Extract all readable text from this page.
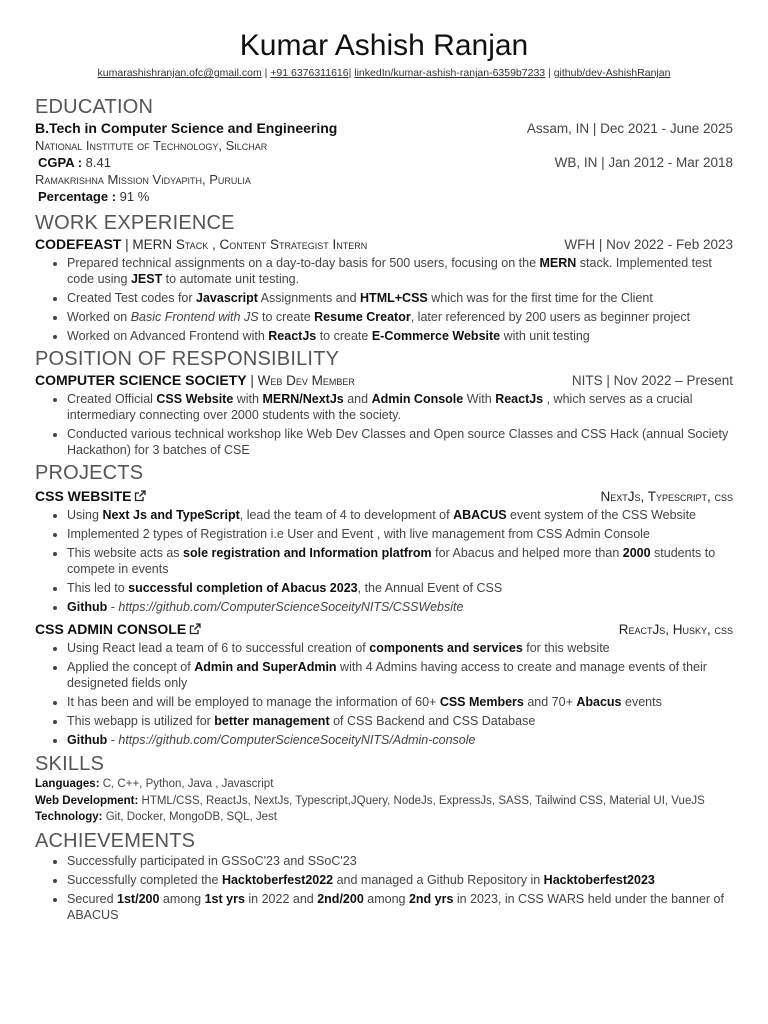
Kumar Ashish Ranjan
kumarashishranjan.ofc@gmail.com | +91 6376311616| linkedIn/kumar-ashish-ranjan-6359b7233 | github/dev-AshishRanjan
EDUCATION
B.Tech in Computer Science and Engineering	Assam, IN | Dec 2021 - June 2025
National Institute of Technology, Silchar
CGPA : 8.41	WB, IN | Jan 2012 - Mar 2018
Ramakrishna Mission Vidyapith, Purulia
Percentage : 91 %
WORK EXPERIENCE
CODEFEAST | MERN Stack , Content Strategist Intern	WFH | Nov 2022 - Feb 2023
• Prepared technical assignments on a day-to-day basis for 500 users, focusing on the MERN stack. Implemented test code using JEST to automate unit testing.
• Created Test codes for Javascript Assignments and HTML+CSS which was for the first time for the Client
• Worked on Basic Frontend with JS to create Resume Creator, later referenced by 200 users as beginner project
• Worked on Advanced Frontend with ReactJs to create E-Commerce Website with unit testing
POSITION OF RESPONSIBILITY
COMPUTER SCIENCE SOCIETY | Web Dev Member	NITS | Nov 2022 – Present
• Created Official CSS Website with MERN/NextJs and Admin Console With ReactJs , which serves as a crucial intermediary connecting over 2000 students with the society.
• Conducted various technical workshop like Web Dev Classes and Open source Classes and CSS Hack (annual Society Hackathon) for 3 batches of CSE
PROJECTS
CSS WEBSITE	NextJs, Typescript, css
• Using Next Js and TypeScript, lead the team of 4 to development of ABACUS event system of the CSS Website
• Implemented 2 types of Registration i.e User and Event , with live management from CSS Admin Console
• This website acts as sole registration and Information platfrom for Abacus and helped more than 2000 students to compete in events
• This led to successful completion of Abacus 2023, the Annual Event of CSS
• Github - https://github.com/ComputerScienceSoceityNITS/CSSWebsite
CSS ADMIN CONSOLE	ReactJs, Husky, css
• Using React lead a team of 6 to successful creation of components and services for this website
• Applied the concept of Admin and SuperAdmin with 4 Admins having access to create and manage events of their designeted fields only
• It has been and will be employed to manage the information of 60+ CSS Members and 70+ Abacus events
• This webapp is utilized for better management of CSS Backend and CSS Database
• Github - https://github.com/ComputerScienceSoceityNITS/Admin-console
SKILLS
Languages: C, C++, Python, Java , Javascript
Web Development: HTML/CSS, ReactJs, NextJs, Typescript,JQuery, NodeJs, ExpressJs, SASS, Tailwind CSS, Material UI, VueJS
Technology: Git, Docker, MongoDB, SQL, Jest
ACHIEVEMENTS
• Successfully participated in GSSoC'23 and SSoC'23
• Successfully completed the Hacktoberfest2022 and managed a Github Repository in Hacktoberfest2023
• Secured 1st/200 among 1st yrs in 2022 and 2nd/200 among 2nd yrs in 2023, in CSS WARS held under the banner of ABACUS
